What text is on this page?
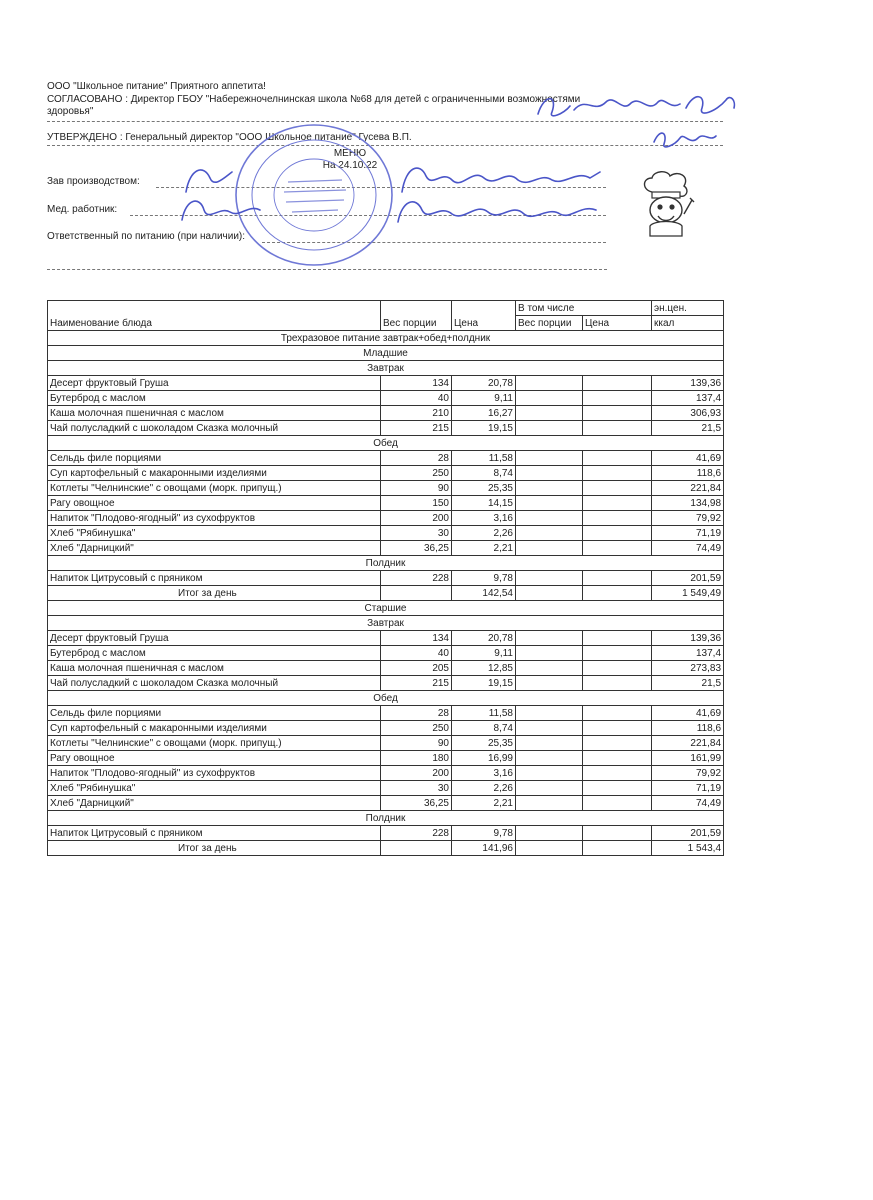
ООО "Школьное питание" Приятного аппетита!
СОГЛАСОВАНО : Директор ГБОУ "Набережночелнинская школа №68 для детей с ограниченными возможностями
здоровья"
УТВЕРЖДЕНО : Генеральный директор "ООО Школьное питание" Гусева В.П.
МЕНЮ
На 24.10.22
Зав производством:
Мед. работник:
Ответственный по питанию (при наличии):
Наименование блюда	Вес порции	Цена	В том числе		эн.цен.
			Вес порции	Цена	ккал
Трехразовое питание завтрак+обед+полдник					
Младшие					
Завтрак					
Десерт фруктовый Груша	134	20,78			139,36
Бутерброд с маслом	40	9,11			137,4
Каша молочная пшеничная с маслом	210	16,27			306,93
Чай полусладкий с шоколадом Сказка молочный	215	19,15			21,5
Обед					
Сельдь филе порциями	28	11,58			41,69
Суп картофельный с макаронными изделиями	250	8,74			118,6
Котлеты "Челнинские" с овощами (морк. припущ.)	90	25,35			221,84
Рагу овощное	150	14,15			134,98
Напиток "Плодово-ягодный" из сухофруктов	200	3,16			79,92
Хлеб "Рябинушка"	30	2,26			71,19
Хлеб "Дарницкий"	36,25	2,21			74,49
Полдник					
Напиток Цитрусовый с пряником	228	9,78			201,59
Итог за день		142,54			1 549,49
Старшие					
Завтрак					
Десерт фруктовый Груша	134	20,78			139,36
Бутерброд с маслом	40	9,11			137,4
Каша молочная пшеничная с маслом	205	12,85			273,83
Чай полусладкий с шоколадом Сказка молочный	215	19,15			21,5
Обед					
Сельдь филе порциями	28	11,58			41,69
Суп картофельный с макаронными изделиями	250	8,74			118,6
Котлеты "Челнинские" с овощами (морк. припущ.)	90	25,35			221,84
Рагу овощное	180	16,99			161,99
Напиток "Плодово-ягодный" из сухофруктов	200	3,16			79,92
Хлеб "Рябинушка"	30	2,26			71,19
Хлеб "Дарницкий"	36,25	2,21			74,49
Полдник					
Напиток Цитрусовый с пряником	228	9,78			201,59
Итог за день		141,96			1 543,4
